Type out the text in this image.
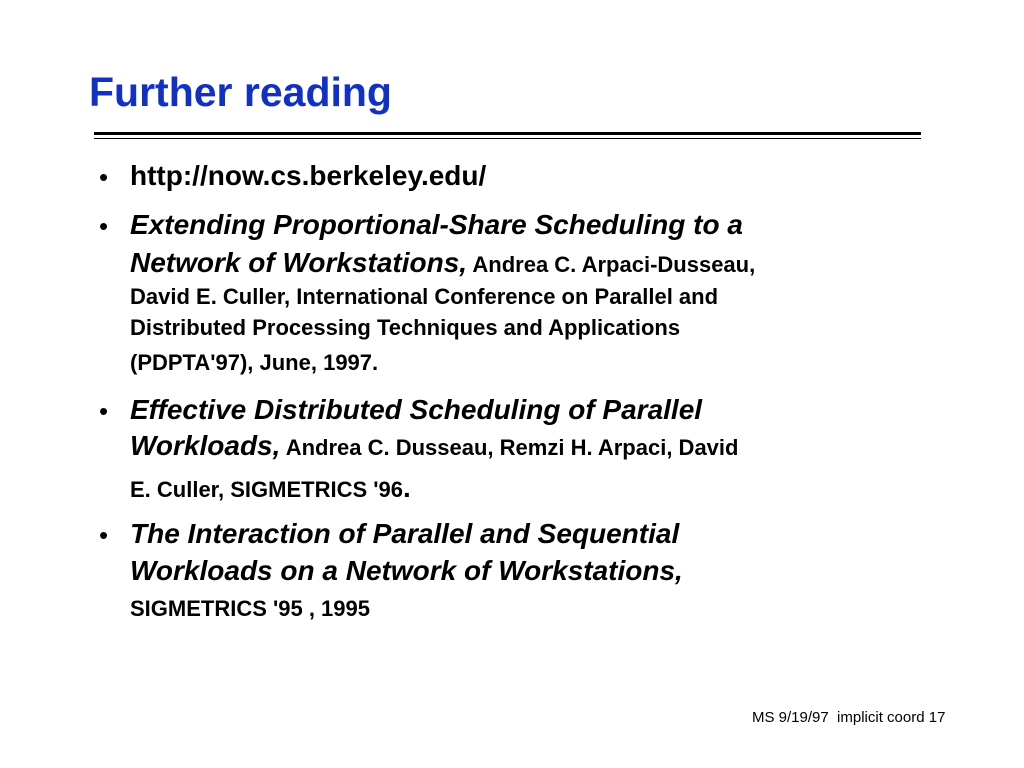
Further reading
• http://now.cs.berkeley.edu/
• Extending Proportional-Share Scheduling to a
Network of Workstations, Andrea C. Arpaci-Dusseau,
David E. Culler, International Conference on Parallel and
Distributed Processing Techniques and Applications
(PDPTA'97), June, 1997.
• Effective Distributed Scheduling of Parallel
Workloads, Andrea C. Dusseau, Remzi H. Arpaci, David
E. Culler, SIGMETRICS '96.
• The Interaction of Parallel and Sequential
Workloads on a Network of Workstations,
SIGMETRICS '95 , 1995
MS 9/19/97  implicit coord 17
